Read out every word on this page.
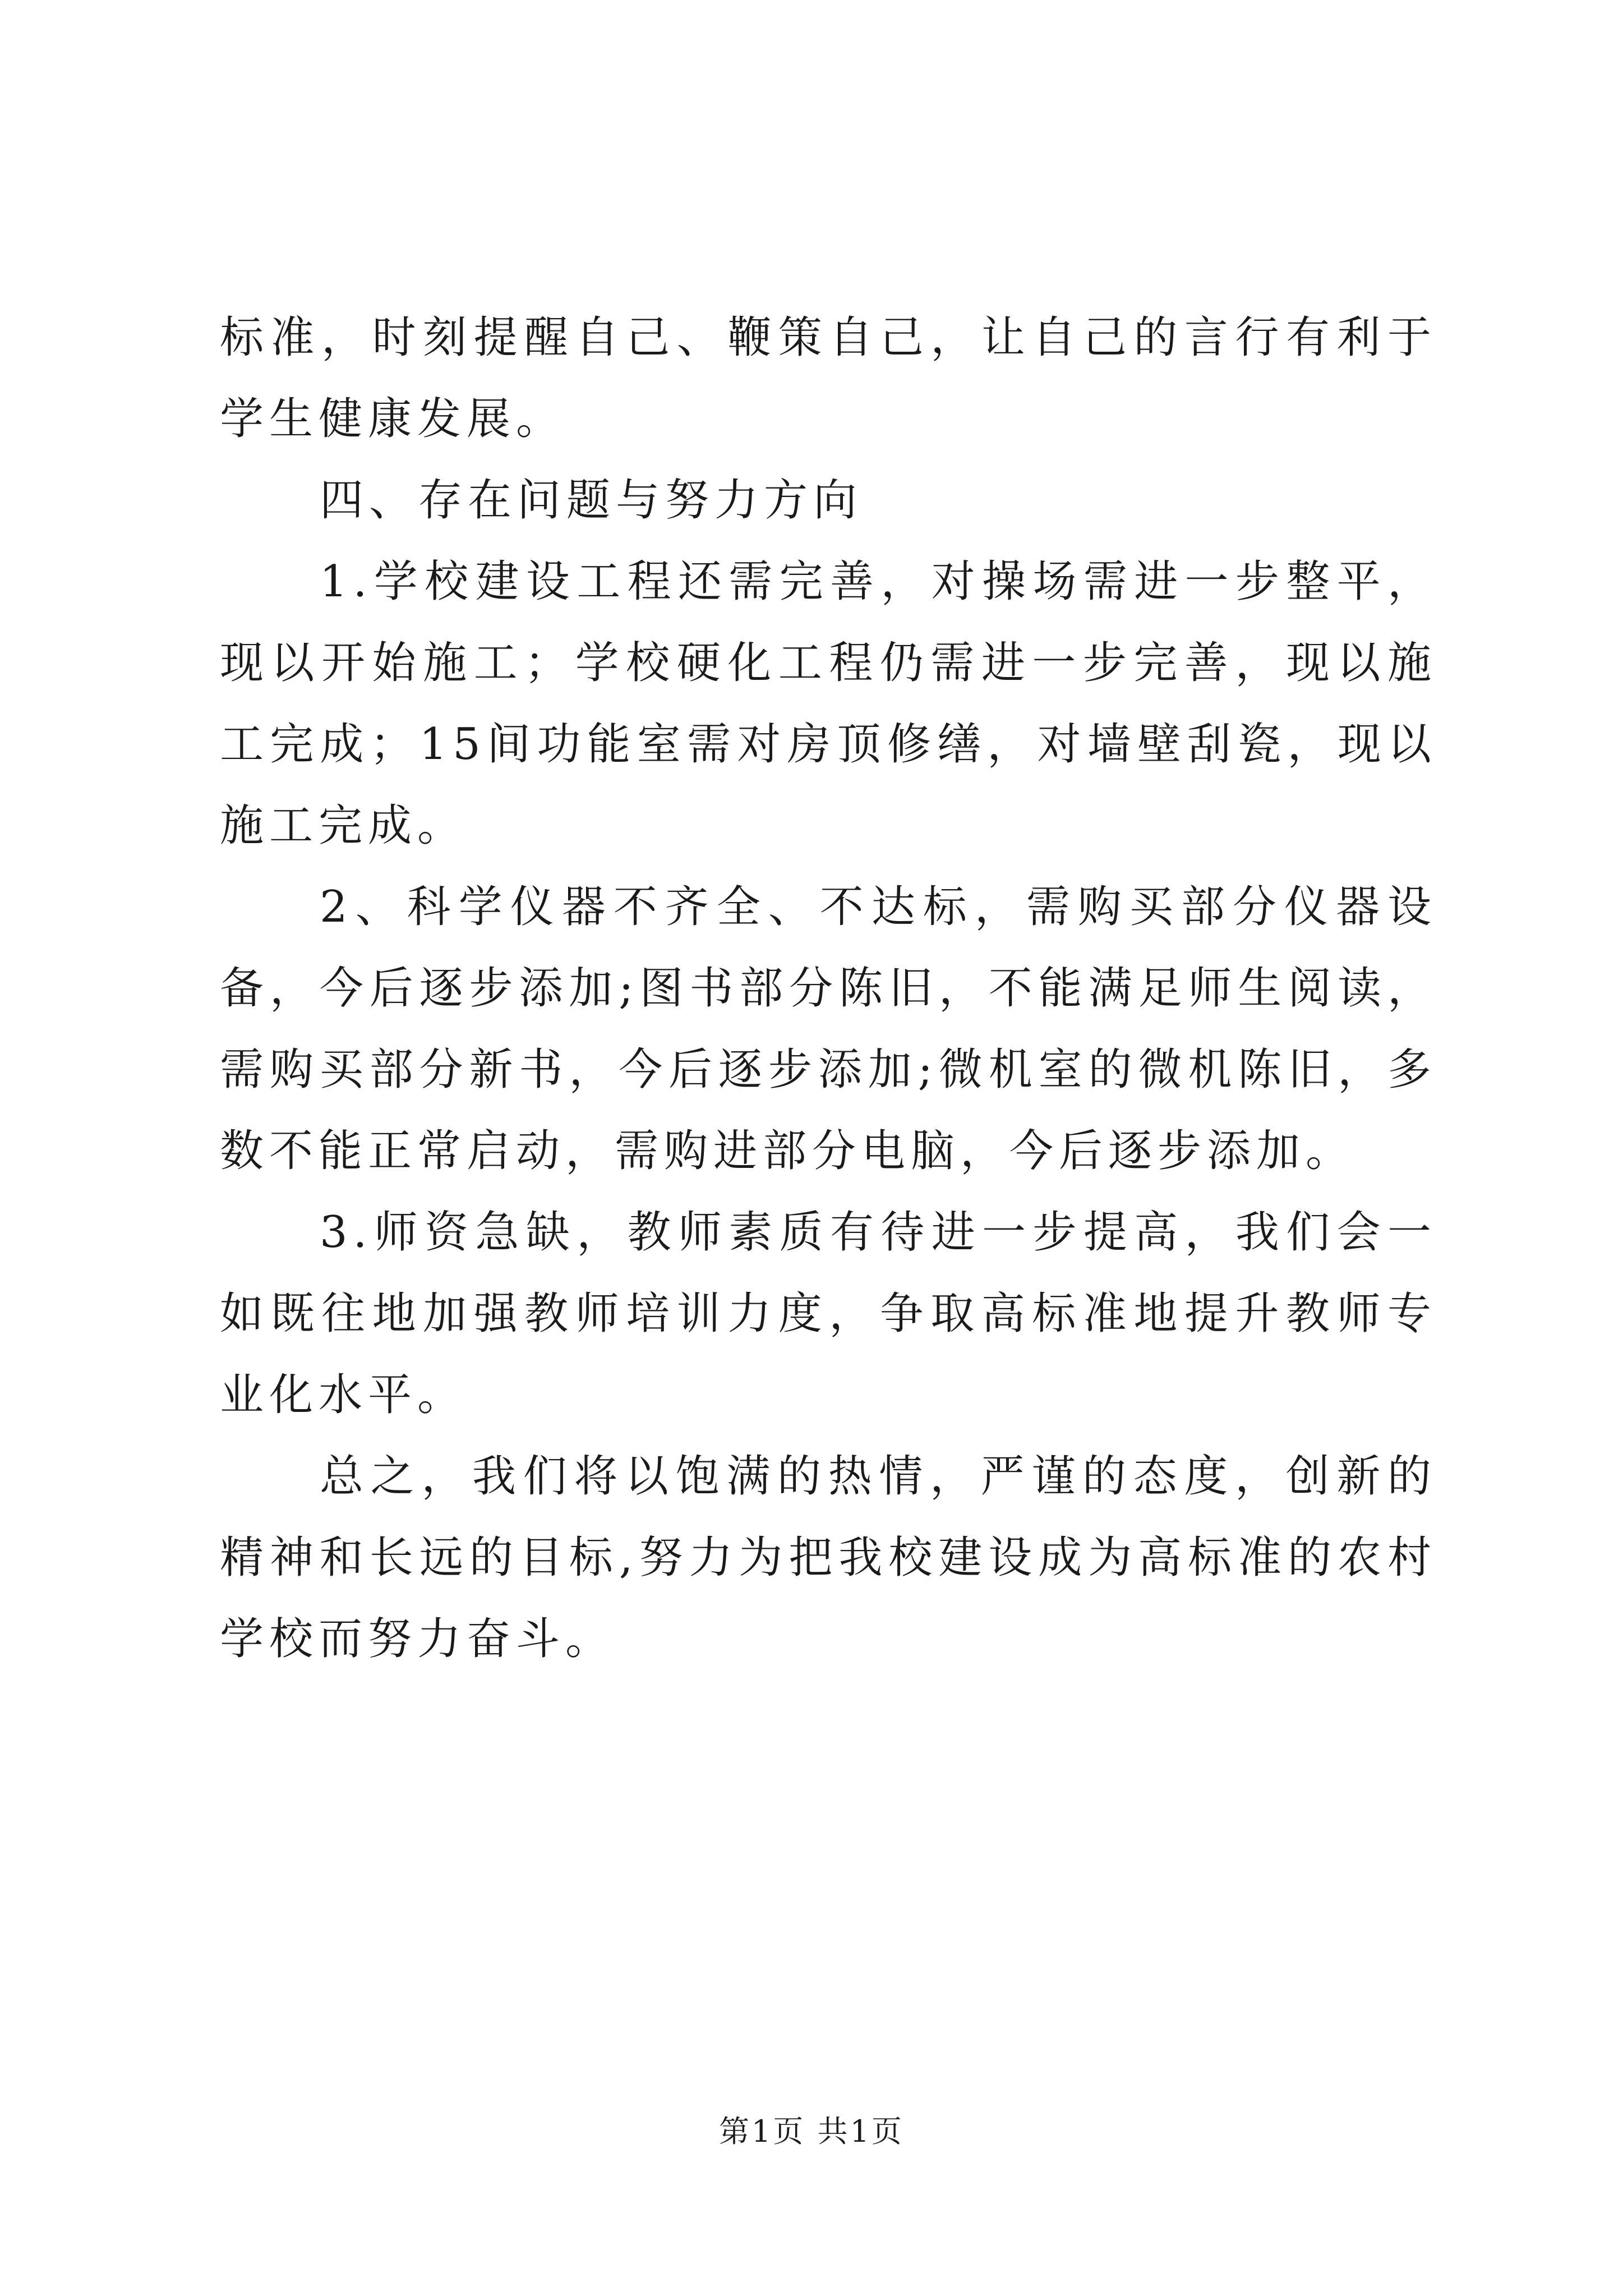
标准，时刻提醒自己、鞭策自己，让自己的言行有利于学生健康发展。

四、存在问题与努力方向

1.学校建设工程还需完善，对操场需进一步整平，现以开始施工；学校硬化工程仍需进一步完善，现以施工完成；15间功能室需对房顶修缮，对墙壁刮瓷，现以施工完成。

2、科学仪器不齐全、不达标，需购买部分仪器设备，今后逐步添加;图书部分陈旧，不能满足师生阅读，需购买部分新书，今后逐步添加;微机室的微机陈旧，多数不能正常启动，需购进部分电脑，今后逐步添加。

3.师资急缺，教师素质有待进一步提高，我们会一如既往地加强教师培训力度，争取高标准地提升教师专业化水平。

总之，我们将以饱满的热情，严谨的态度，创新的精神和长远的目标,努力为把我校建设成为高标准的农村学校而努力奋斗。

第1页 共1页
